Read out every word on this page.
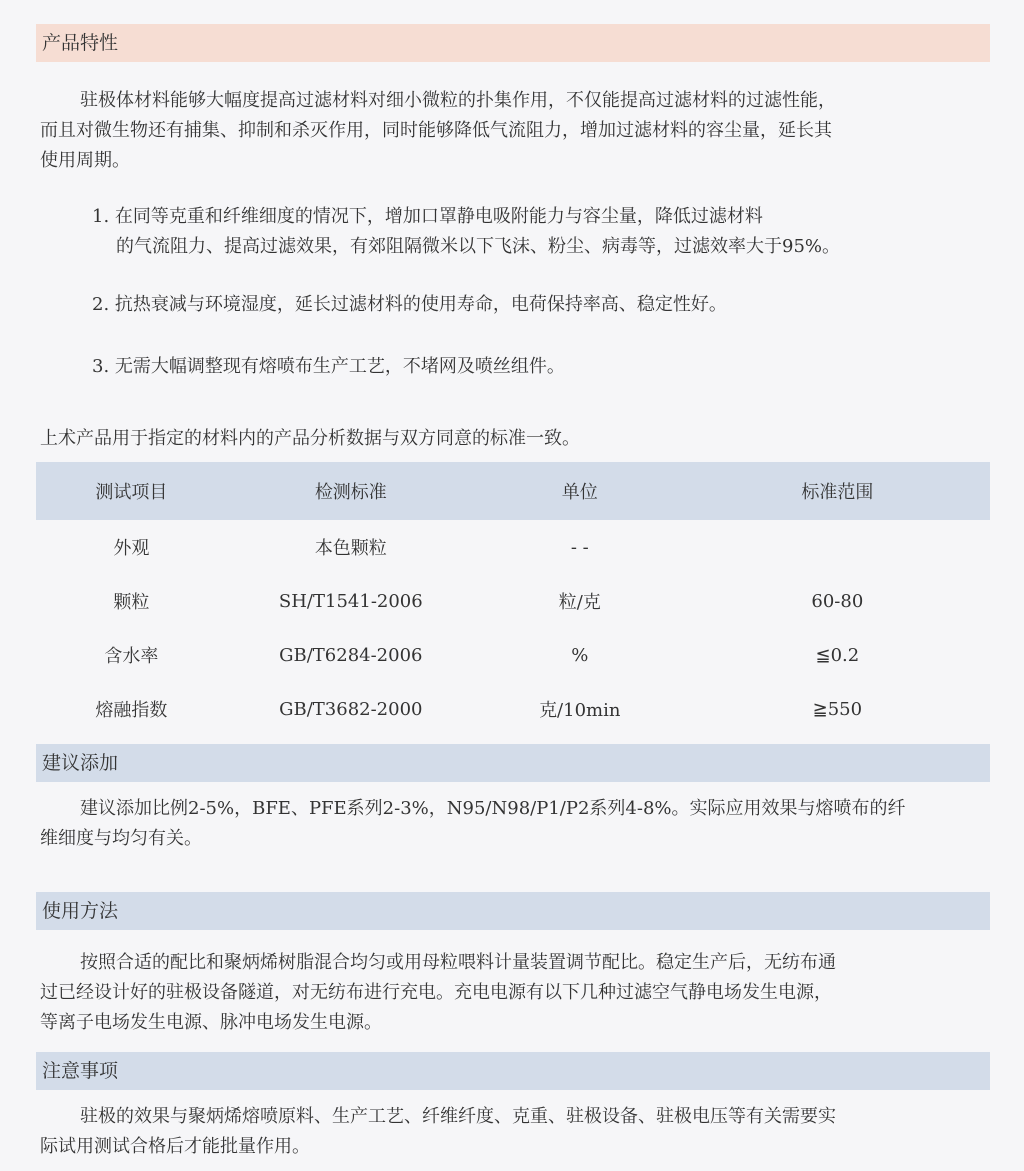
产品特性
驻极体材料能够大幅度提高过滤材料对细小微粒的扑集作用，不仅能提高过滤材料的过滤性能，
而且对微生物还有捕集、抑制和杀灭作用，同时能够降低气流阻力，增加过滤材料的容尘量，延长其
使用周期。
1. 在同等克重和纤维细度的情况下，增加口罩静电吸附能力与容尘量，降低过滤材料
的气流阻力、提高过滤效果，有郊阻隔微米以下飞沫、粉尘、病毒等，过滤效率大于95%。
2. 抗热衰减与环境湿度，延长过滤材料的使用寿命，电荷保持率高、稳定性好。
3. 无需大幅调整现有熔喷布生产工艺，不堵网及喷丝组件。
上术产品用于指定的材料内的产品分析数据与双方同意的标准一致。
测试项目	检测标准	单位	标准范围
外观	本色颗粒	- -	
颗粒	SH/T1541-2006	粒/克	60-80
含水率	GB/T6284-2006	%	≦0.2
熔融指数	GB/T3682-2000	克/10min	≧550
建议添加
建议添加比例2-5%，BFE、PFE系列2-3%，N95/N98/P1/P2系列4-8%。实际应用效果与熔喷布的纤
维细度与均匀有关。
使用方法
按照合适的配比和聚炳烯树脂混合均匀或用母粒喂料计量装置调节配比。稳定生产后，无纺布通
过已经设计好的驻极设备隧道，对无纺布进行充电。充电电源有以下几种过滤空气静电场发生电源，
等离子电场发生电源、脉冲电场发生电源。
注意事项
驻极的效果与聚炳烯熔喷原料、生产工艺、纤维纤度、克重、驻极设备、驻极电压等有关需要实
际试用测试合格后才能批量作用。
